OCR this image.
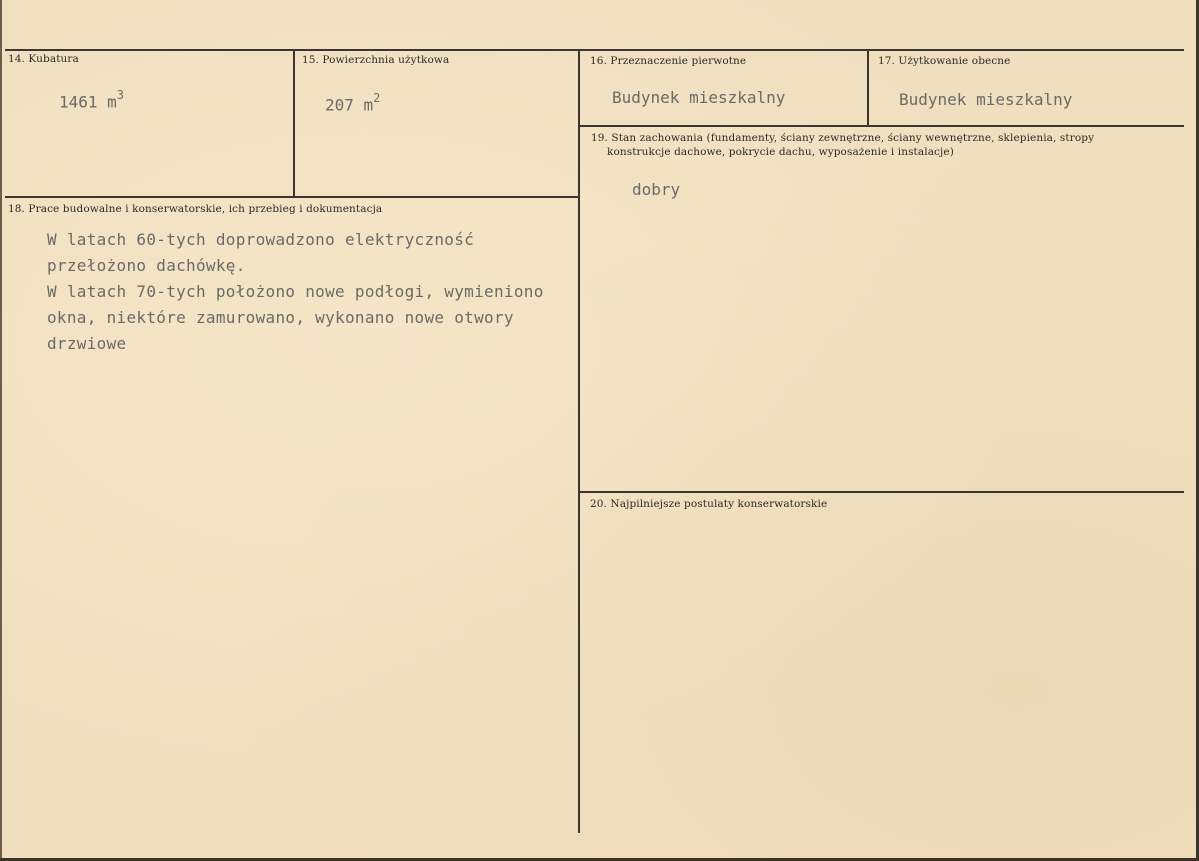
14. Kubatura
1461 $m^3$
15. Powierzchnia użytkowa
207 $m^2$
16. Przeznaczenie pierwotne
Budynek mieszkalny
17. Użytkowanie obecne
Budynek mieszkalny
18. Prace budowalne i konserwatorskie, ich przebieg i dokumentacja
W latach 60-tych doprowadzono elektryczność
przełożono dachówkę.
W latach 70-tych położono nowe podłogi, wymieniono
okna, niektóre zamurowano, wykonano nowe otwory
drzwiowe
19. Stan zachowania (fundamenty, ściany zewnętrzne, ściany wewnętrzne, sklepienia, stropy
konstrukcje dachowe, pokrycie dachu, wyposażenie i instalacje)
dobry
20. Najpilniejsze postulaty konserwatorskie
